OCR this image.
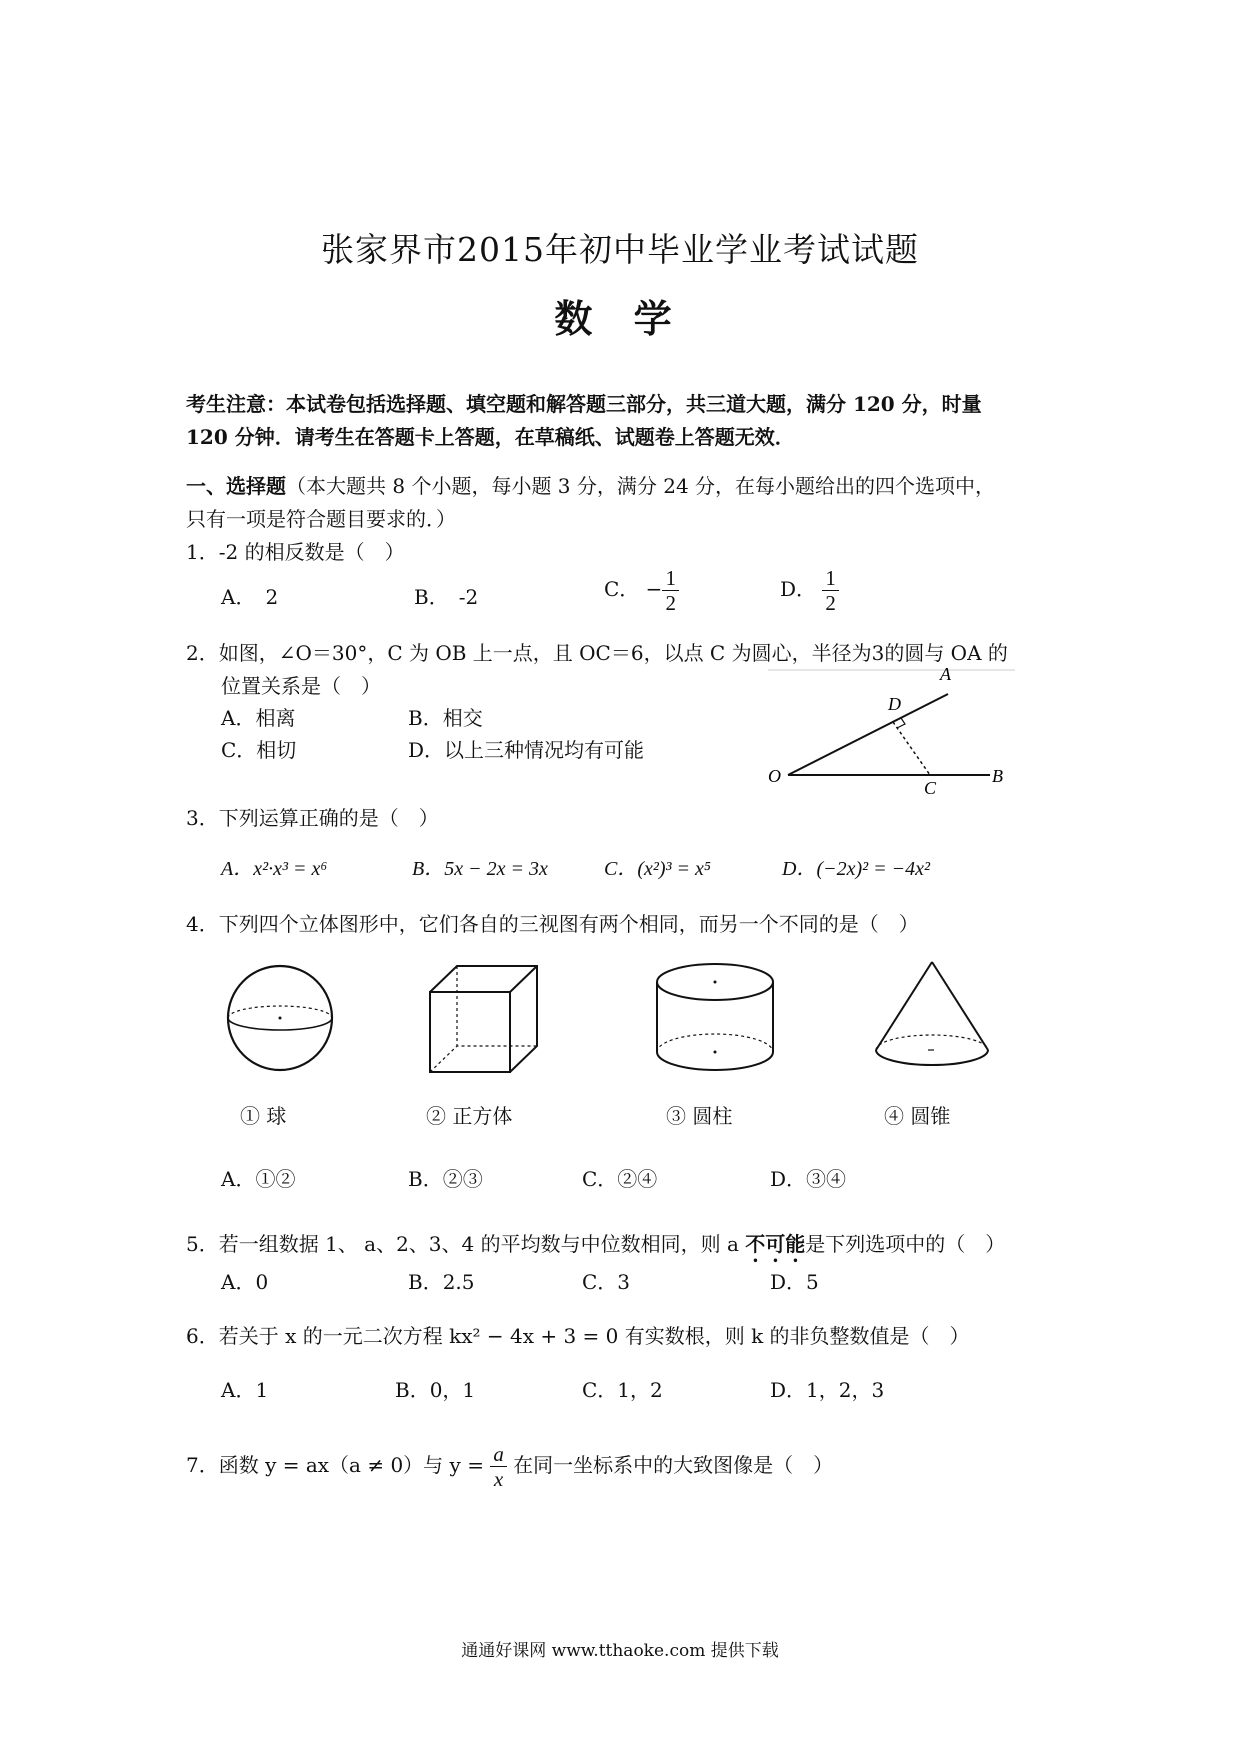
张家界市2015年初中毕业学业考试试题
数 学
考生注意：本试卷包括选择题、填空题和解答题三部分，共三道大题，满分 120 分，时量
120 分钟．请考生在答题卡上答题，在草稿纸、试题卷上答题无效．
一、选择题（本大题共 8 个小题，每小题 3 分，满分 24 分，在每小题给出的四个选项中，
只有一项是符合题目要求的．）
1．-2 的相反数是（　）
A．　2	B．　-2	C． − $\frac{1}{2}$	D． $\frac{1}{2}$
2．如图，∠O＝30°，C 为 OB 上一点，且 OC＝6，以点 C 为圆心，半径为3的圆与 OA 的
位置关系是（　）
A．相离	B．相交
C．相切	D．以上三种情况均有可能
A
D
O
C
B
3．下列运算正确的是（　）
A．x²·x³ = x⁶	B．5x − 2x = 3x	C．(x²)³ = x⁵	D．(−2x)² = −4x²
4．下列四个立体图形中，它们各自的三视图有两个相同，而另一个不同的是（　）
① 球	② 正方体	③ 圆柱	④ 圆锥
A．①②	B．②③	C．②④	D．③④
5．若一组数据 1、 a、2、3、4 的平均数与中位数相同，则 a 不可能是下列选项中的（　）
A．0	B．2.5	C．3	D．5
6．若关于 x 的一元二次方程 kx² − 4x + 3 = 0 有实数根，则 k 的非负整数值是（　）
A．1	B．0，1	C．1，2	D．1，2，3
7．函数 y = ax（a ≠ 0）与 $y = \frac{a}{x}$ 在同一坐标系中的大致图像是（　）
通通好课网 www.tthaoke.com 提供下载
